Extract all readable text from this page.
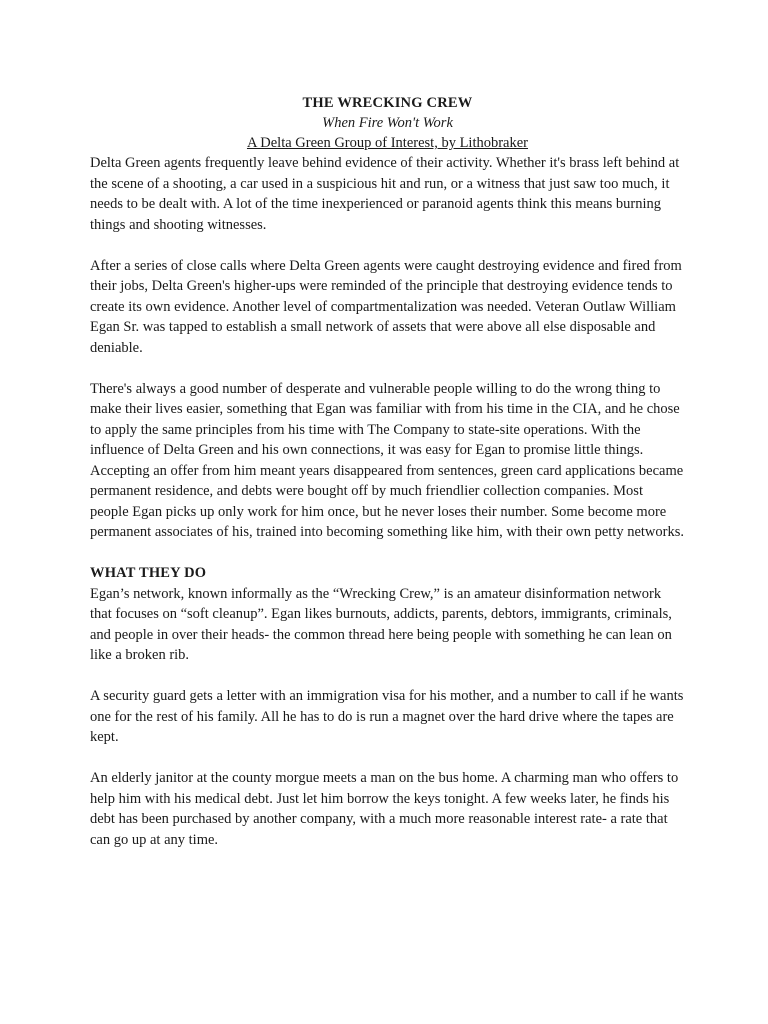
THE WRECKING CREW

When Fire Won't Work

A Delta Green Group of Interest, by Lithobraker

Delta Green agents frequently leave behind evidence of their activity. Whether it's brass left behind at the scene of a shooting, a car used in a suspicious hit and run, or a witness that just saw too much, it needs to be dealt with. A lot of the time inexperienced or paranoid agents think this means burning things and shooting witnesses.

After a series of close calls where Delta Green agents were caught destroying evidence and fired from their jobs, Delta Green's higher-ups were reminded of the principle that destroying evidence tends to create its own evidence. Another level of compartmentalization was needed. Veteran Outlaw William Egan Sr. was tapped to establish a small network of assets that were above all else disposable and deniable.

There's always a good number of desperate and vulnerable people willing to do the wrong thing to make their lives easier, something that Egan was familiar with from his time in the CIA, and he chose to apply the same principles from his time with The Company to state-site operations. With the influence of Delta Green and his own connections, it was easy for Egan to promise little things. Accepting an offer from him meant years disappeared from sentences, green card applications became permanent residence, and debts were bought off by much friendlier collection companies. Most people Egan picks up only work for him once, but he never loses their number. Some become more permanent associates of his, trained into becoming something like him, with their own petty networks.

WHAT THEY DO

Egan’s network, known informally as the “Wrecking Crew,” is an amateur disinformation network that focuses on “soft cleanup”. Egan likes burnouts, addicts, parents, debtors, immigrants, criminals, and people in over their heads- the common thread here being people with something he can lean on like a broken rib.

A security guard gets a letter with an immigration visa for his mother, and a number to call if he wants one for the rest of his family. All he has to do is run a magnet over the hard drive where the tapes are kept.

An elderly janitor at the county morgue meets a man on the bus home. A charming man who offers to help him with his medical debt. Just let him borrow the keys tonight. A few weeks later, he finds his debt has been purchased by another company, with a much more reasonable interest rate- a rate that can go up at any time.
